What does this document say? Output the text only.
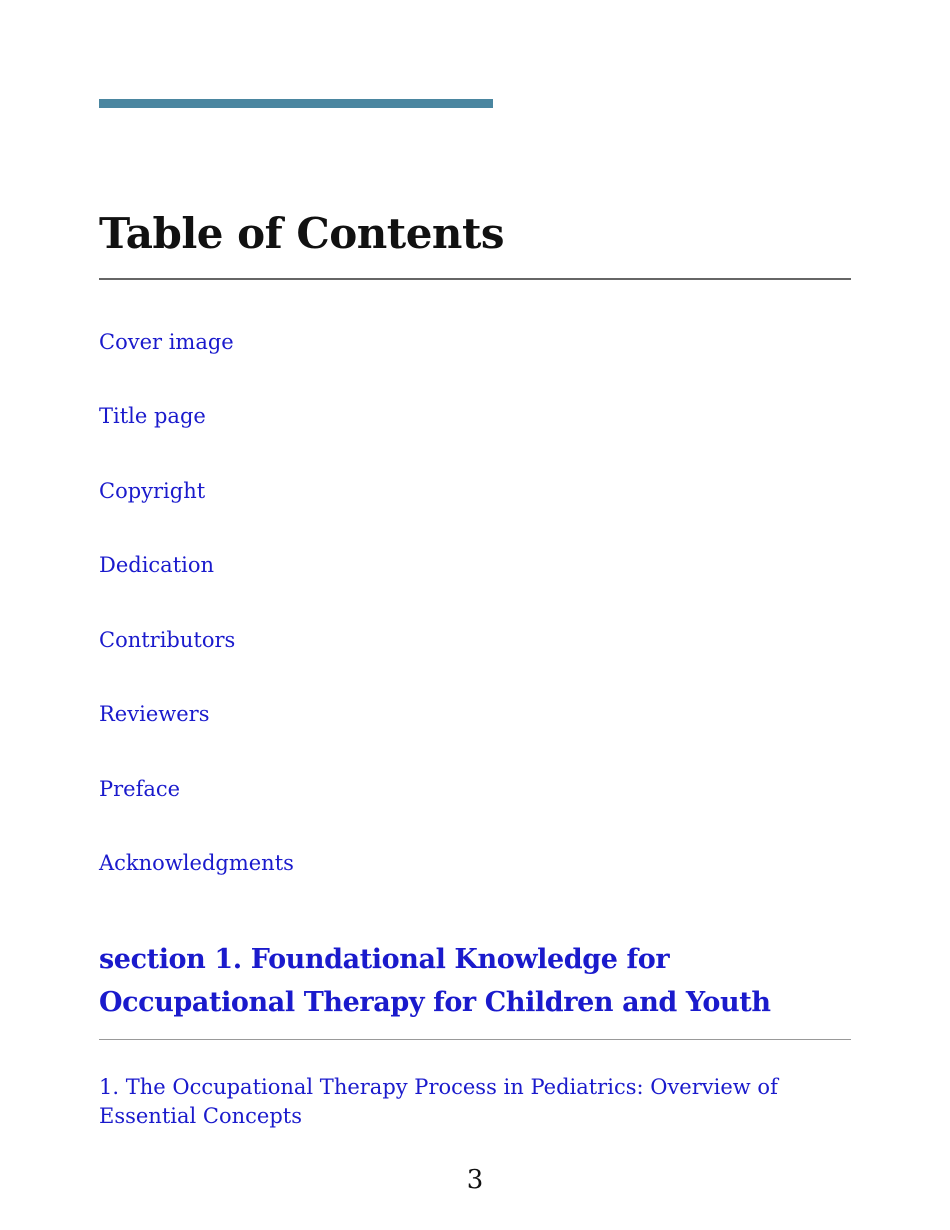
Table of Contents
Cover image
Title page
Copyright
Dedication
Contributors
Reviewers
Preface
Acknowledgments
section 1. Foundational Knowledge for Occupational Therapy for Children and Youth
1. The Occupational Therapy Process in Pediatrics: Overview of Essential Concepts
3
